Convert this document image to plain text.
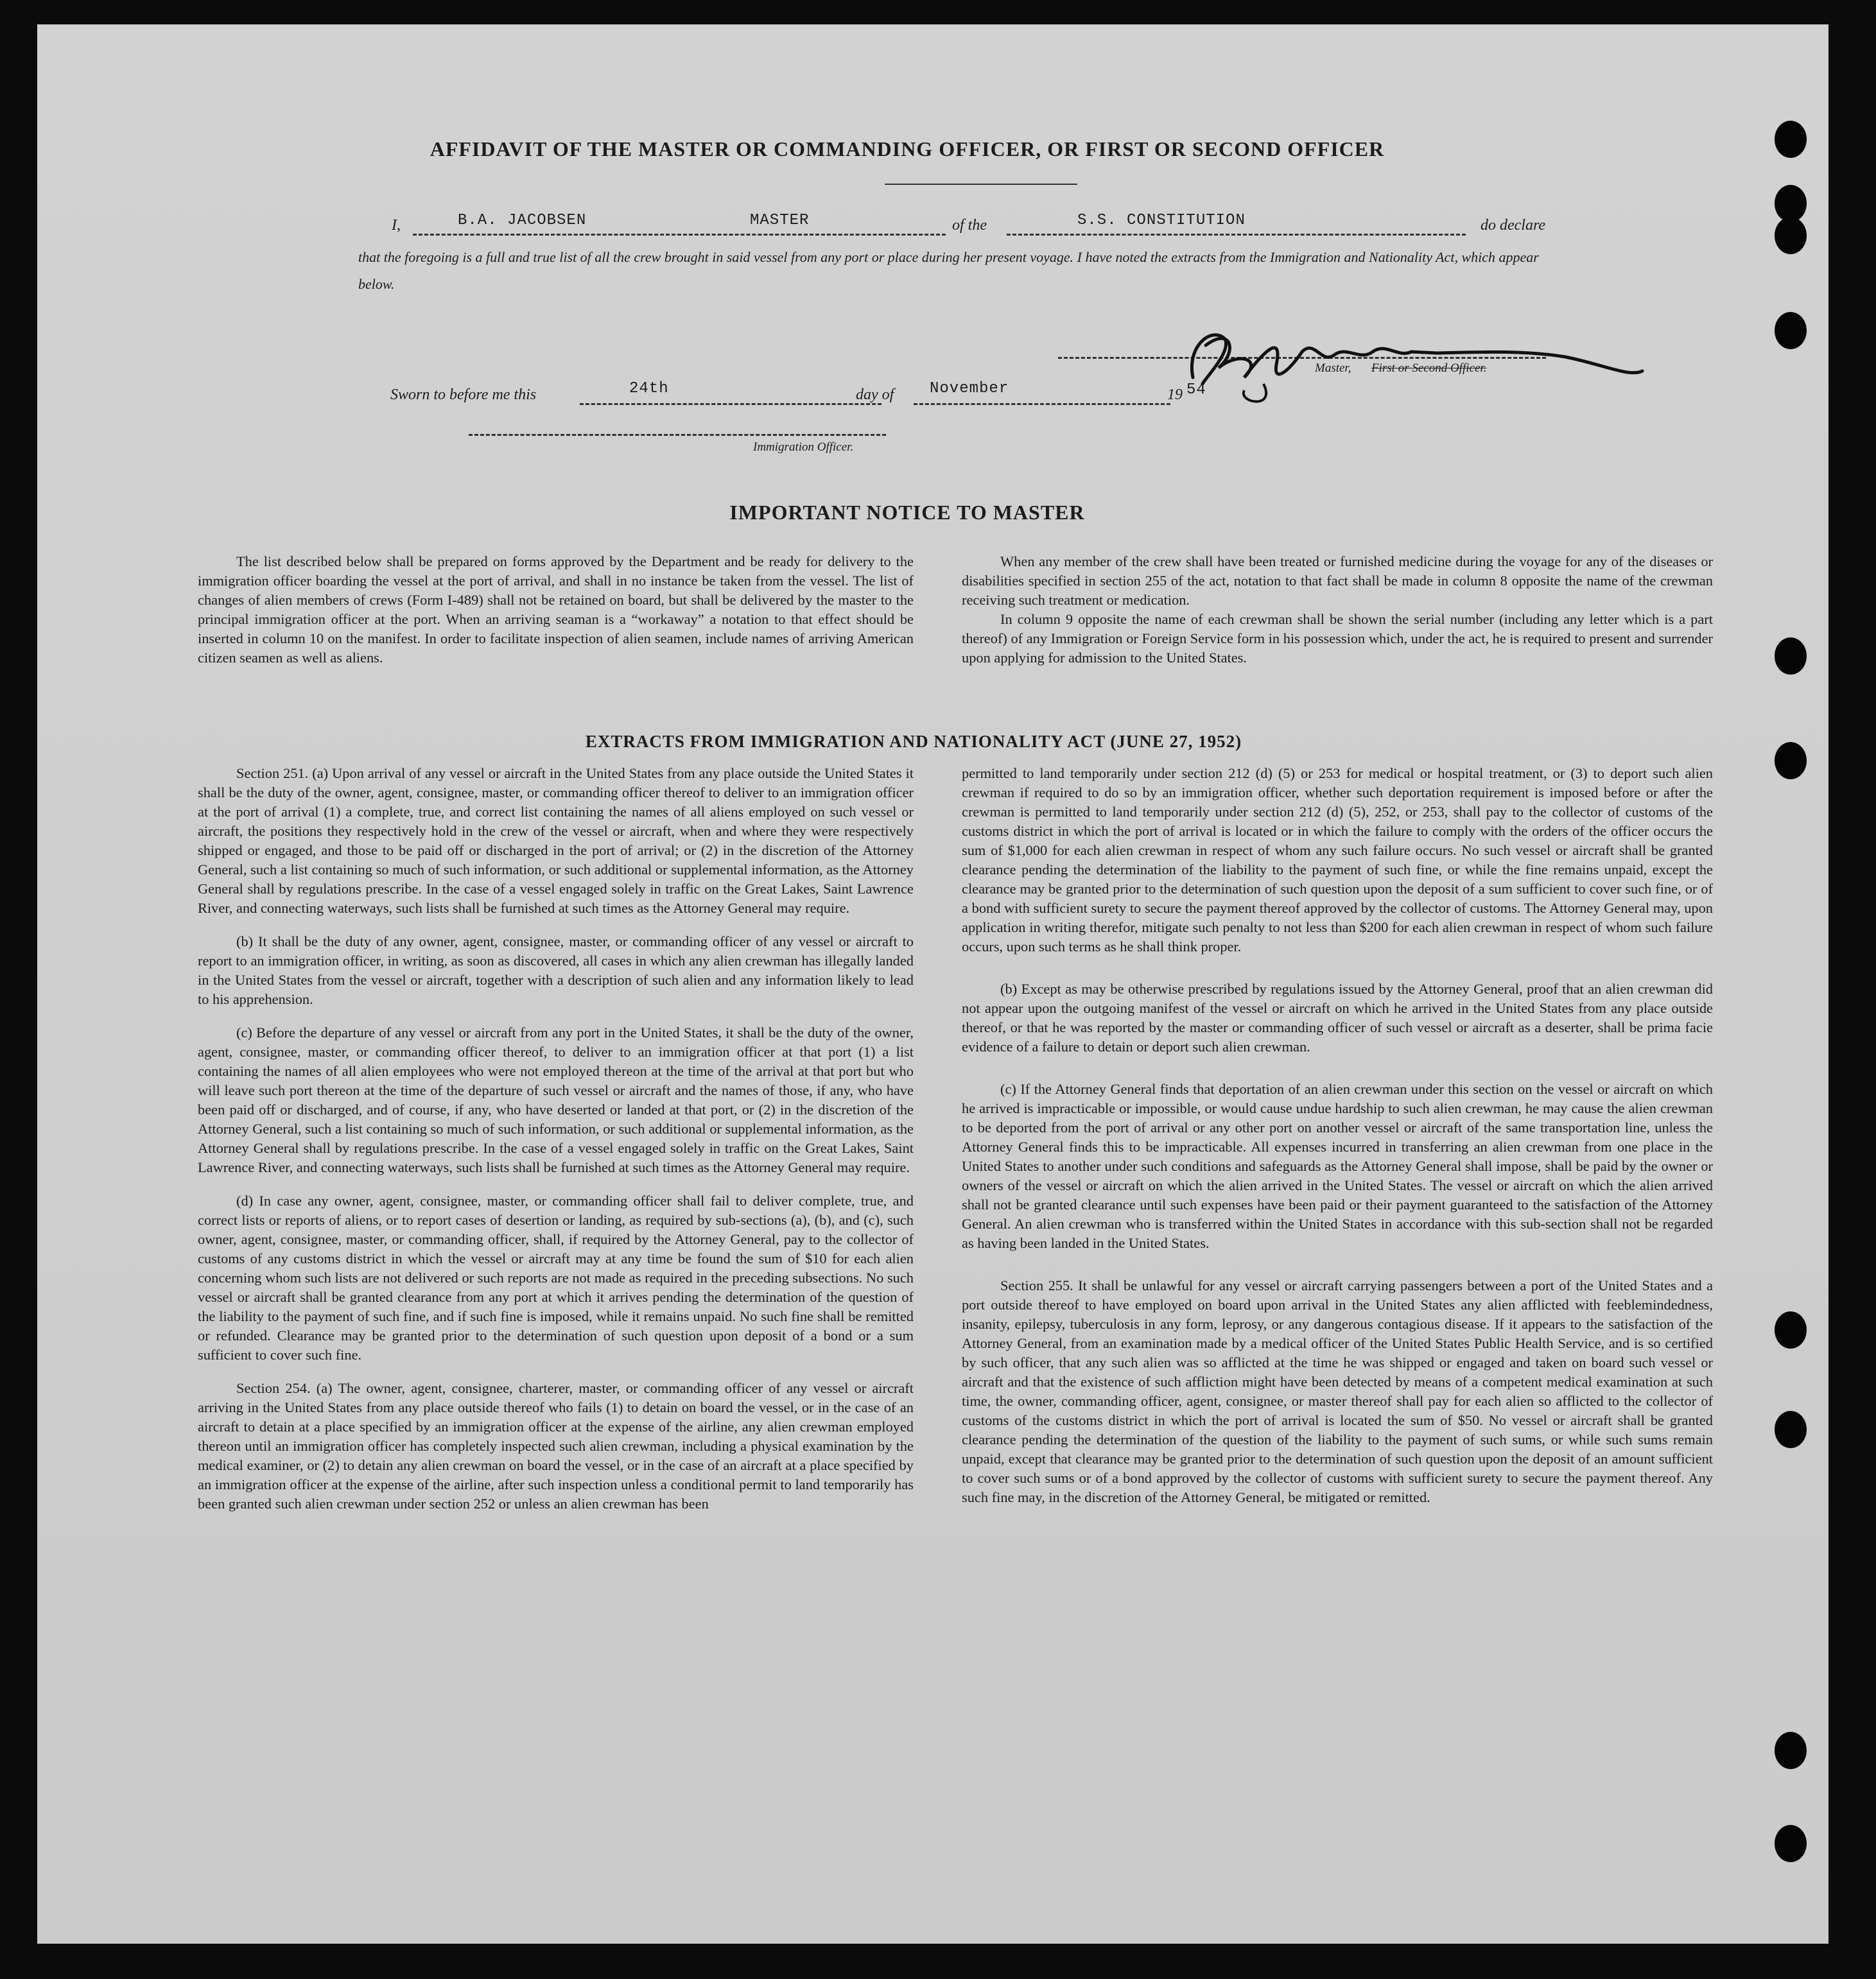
AFFIDAVIT OF THE MASTER OR COMMANDING OFFICER, OR FIRST OR SECOND OFFICER
I,	B.A. JACOBSEN	MASTER	of the	S.S. CONSTITUTION	do declare

that the foregoing is a full and true list of all the crew brought in said vessel from any port or place during her present voyage. I have noted the extracts from the Immigration and Nationality Act, which appear below.

Master, First or Second Officer.
Sworn to before me this	24th	day of November	19 54
Immigration Officer.
IMPORTANT NOTICE TO MASTER

The list described below shall be prepared on forms approved by the Department and be ready for delivery to the immigration officer boarding the vessel at the port of arrival, and shall in no instance be taken from the vessel. The list of changes of alien members of crews (Form I-489) shall not be retained on board, but shall be delivered by the master to the principal immigration officer at the port. When an arriving seaman is a “workaway” a notation to that effect should be inserted in column 10 on the manifest. In order to facilitate inspection of alien seamen, include names of arriving American citizen seamen as well as aliens.

When any member of the crew shall have been treated or furnished medicine during the voyage for any of the diseases or disabilities specified in section 255 of the act, notation to that fact shall be made in column 8 opposite the name of the crewman receiving such treatment or medication.

In column 9 opposite the name of each crewman shall be shown the serial number (including any letter which is a part thereof) of any Immigration or Foreign Service form in his possession which, under the act, he is required to present and surrender upon applying for admission to the United States.

EXTRACTS FROM IMMIGRATION AND NATIONALITY ACT (JUNE 27, 1952)

Section 251. (a) Upon arrival of any vessel or aircraft in the United States from any place outside the United States it shall be the duty of the owner, agent, consignee, master, or commanding officer thereof to deliver to an immigration officer at the port of arrival (1) a complete, true, and correct list containing the names of all aliens employed on such vessel or aircraft, the positions they respectively hold in the crew of the vessel or aircraft, when and where they were respectively shipped or engaged, and those to be paid off or discharged in the port of arrival; or (2) in the discretion of the Attorney General, such a list containing so much of such information, or such additional or supplemental information, as the Attorney General shall by regulations prescribe. In the case of a vessel engaged solely in traffic on the Great Lakes, Saint Lawrence River, and connecting waterways, such lists shall be furnished at such times as the Attorney General may require.

(b) It shall be the duty of any owner, agent, consignee, master, or commanding officer of any vessel or aircraft to report to an immigration officer, in writing, as soon as discovered, all cases in which any alien crewman has illegally landed in the United States from the vessel or aircraft, together with a description of such alien and any information likely to lead to his apprehension.

(c) Before the departure of any vessel or aircraft from any port in the United States, it shall be the duty of the owner, agent, consignee, master, or commanding officer thereof, to deliver to an immigration officer at that port (1) a list containing the names of all alien employees who were not employed thereon at the time of the arrival at that port but who will leave such port thereon at the time of the departure of such vessel or aircraft and the names of those, if any, who have been paid off or discharged, and of course, if any, who have deserted or landed at that port, or (2) in the discretion of the Attorney General, such a list containing so much of such information, or such additional or supplemental information, as the Attorney General shall by regulations prescribe. In the case of a vessel engaged solely in traffic on the Great Lakes, Saint Lawrence River, and connecting waterways, such lists shall be furnished at such times as the Attorney General may require.

(d) In case any owner, agent, consignee, master, or commanding officer shall fail to deliver complete, true, and correct lists or reports of aliens, or to report cases of desertion or landing, as required by sub-sections (a), (b), and (c), such owner, agent, consignee, master, or commanding officer, shall, if required by the Attorney General, pay to the collector of customs of any customs district in which the vessel or aircraft may at any time be found the sum of $10 for each alien concerning whom such lists are not delivered or such reports are not made as required in the preceding subsections. No such vessel or aircraft shall be granted clearance from any port at which it arrives pending the determination of the question of the liability to the payment of such fine, and if such fine is imposed, while it remains unpaid. No such fine shall be remitted or refunded. Clearance may be granted prior to the determination of such question upon deposit of a bond or a sum sufficient to cover such fine.

Section 254. (a) The owner, agent, consignee, charterer, master, or commanding officer of any vessel or aircraft arriving in the United States from any place outside thereof who fails (1) to detain on board the vessel, or in the case of an aircraft to detain at a place specified by an immigration officer at the expense of the airline, any alien crewman employed thereon until an immigration officer has completely inspected such alien crewman, including a physical examination by the medical examiner, or (2) to detain any alien crewman on board the vessel, or in the case of an aircraft at a place specified by an immigration officer at the expense of the airline, after such inspection unless a conditional permit to land temporarily has been granted such alien crewman under section 252 or unless an alien crewman has been

permitted to land temporarily under section 212 (d) (5) or 253 for medical or hospital treatment, or (3) to deport such alien crewman if required to do so by an immigration officer, whether such deportation requirement is imposed before or after the crewman is permitted to land temporarily under section 212 (d) (5), 252, or 253, shall pay to the collector of customs of the customs district in which the port of arrival is located or in which the failure to comply with the orders of the officer occurs the sum of $1,000 for each alien crewman in respect of whom any such failure occurs. No such vessel or aircraft shall be granted clearance pending the determination of the liability to the payment of such fine, or while the fine remains unpaid, except the clearance may be granted prior to the determination of such question upon the deposit of a sum sufficient to cover such fine, or of a bond with sufficient surety to secure the payment thereof approved by the collector of customs. The Attorney General may, upon application in writing therefor, mitigate such penalty to not less than $200 for each alien crewman in respect of whom such failure occurs, upon such terms as he shall think proper.

(b) Except as may be otherwise prescribed by regulations issued by the Attorney General, proof that an alien crewman did not appear upon the outgoing manifest of the vessel or aircraft on which he arrived in the United States from any place outside thereof, or that he was reported by the master or commanding officer of such vessel or aircraft as a deserter, shall be prima facie evidence of a failure to detain or deport such alien crewman.

(c) If the Attorney General finds that deportation of an alien crewman under this section on the vessel or aircraft on which he arrived is impracticable or impossible, or would cause undue hardship to such alien crewman, he may cause the alien crewman to be deported from the port of arrival or any other port on another vessel or aircraft of the same transportation line, unless the Attorney General finds this to be impracticable. All expenses incurred in transferring an alien crewman from one place in the United States to another under such conditions and safeguards as the Attorney General shall impose, shall be paid by the owner or owners of the vessel or aircraft on which the alien arrived in the United States. The vessel or aircraft on which the alien arrived shall not be granted clearance until such expenses have been paid or their payment guaranteed to the satisfaction of the Attorney General. An alien crewman who is transferred within the United States in accordance with this sub-section shall not be regarded as having been landed in the United States.

Section 255. It shall be unlawful for any vessel or aircraft carrying passengers between a port of the United States and a port outside thereof to have employed on board upon arrival in the United States any alien afflicted with feeblemindedness, insanity, epilepsy, tuberculosis in any form, leprosy, or any dangerous contagious disease. If it appears to the satisfaction of the Attorney General, from an examination made by a medical officer of the United States Public Health Service, and is so certified by such officer, that any such alien was so afflicted at the time he was shipped or engaged and taken on board such vessel or aircraft and that the existence of such affliction might have been detected by means of a competent medical examination at such time, the owner, commanding officer, agent, consignee, or master thereof shall pay for each alien so afflicted to the collector of customs of the customs district in which the port of arrival is located the sum of $50. No vessel or aircraft shall be granted clearance pending the determination of the question of the liability to the payment of such sums, or while such sums remain unpaid, except that clearance may be granted prior to the determination of such question upon the deposit of an amount sufficient to cover such sums or of a bond approved by the collector of customs with sufficient surety to secure the payment thereof. Any such fine may, in the discretion of the Attorney General, be mitigated or remitted.
